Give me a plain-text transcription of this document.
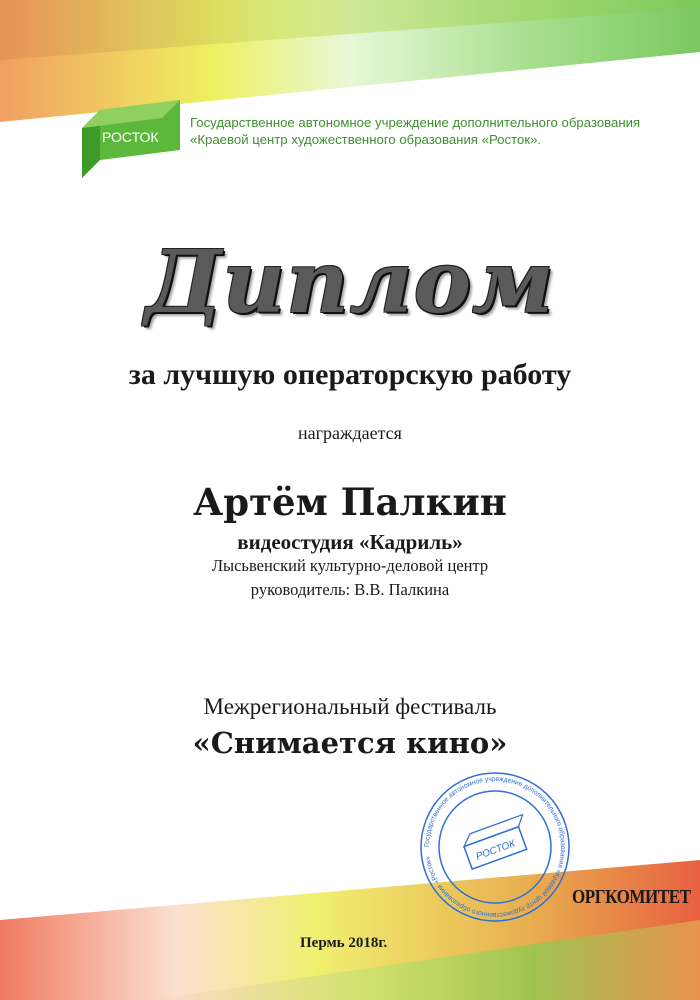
РОСТОК
Государственное автономное учреждение дополнительного образования
«Краевой центр художественного образования «Росток».
Диплом
за лучшую операторскую работу
награждается
Артём Палкин
видеостудия «Кадриль»
Лысьвенский культурно-деловой центр
руководитель: В.В. Палкина
Межрегиональный фестиваль
«Снимается кино»
Государственное автономное учреждение дополнительного образования «Краевой центр художественного образования «Росток»	РОСТОК
ОРГКОМИТЕТ
Пермь 2018г.
